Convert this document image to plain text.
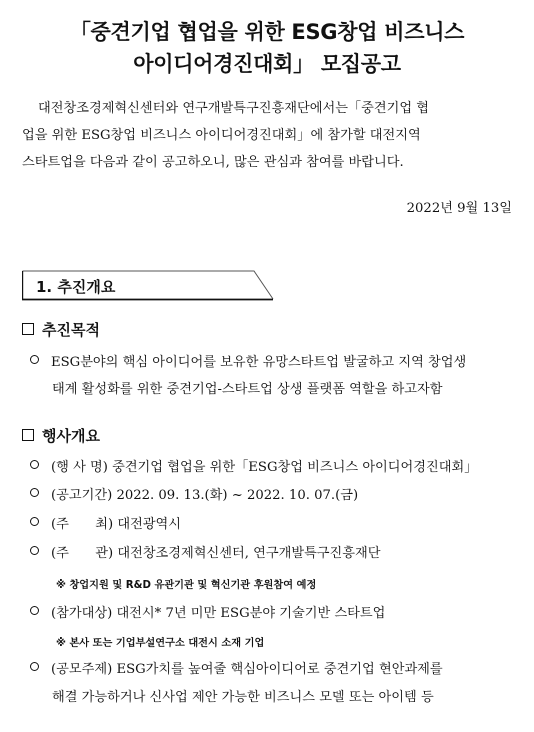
「중견기업 협업을 위한 ESG창업 비즈니스
아이디어경진대회」 모집공고

대전창조경제혁신센터와 연구개발특구진흥재단에서는「중견기업 협

업을 위한 ESG창업 비즈니스 아이디어경진대회」에 참가할 대전지역

스타트업을 다음과 같이 공고하오니, 많은 관심과 참여를 바랍니다.

2022년 9월 13일
1. 추진개요
추진목적
ESG분야의 핵심 아이디어를 보유한 유망스타트업 발굴하고 지역 창업생
태계 활성화를 위한 중견기업-스타트업 상생 플랫폼 역할을 하고자함
행사개요
(행 사 명) 중견기업 협업을 위한「ESG창업 비즈니스 아이디어경진대회」
(공고기간) 2022. 09. 13.(화) ~ 2022. 10. 07.(금)
(주　　최) 대전광역시
(주　　관) 대전창조경제혁신센터, 연구개발특구진흥재단
※ 창업지원 및 R&D 유관기관 및 혁신기관 후원참여 예정
(참가대상) 대전시* 7년 미만 ESG분야 기술기반 스타트업
※ 본사 또는 기업부설연구소 대전시 소재 기업
(공모주제) ESG가치를 높여줄 핵심아이디어로 중견기업 현안과제를
해결 가능하거나 신사업 제안 가능한 비즈니스 모델 또는 아이템 등
